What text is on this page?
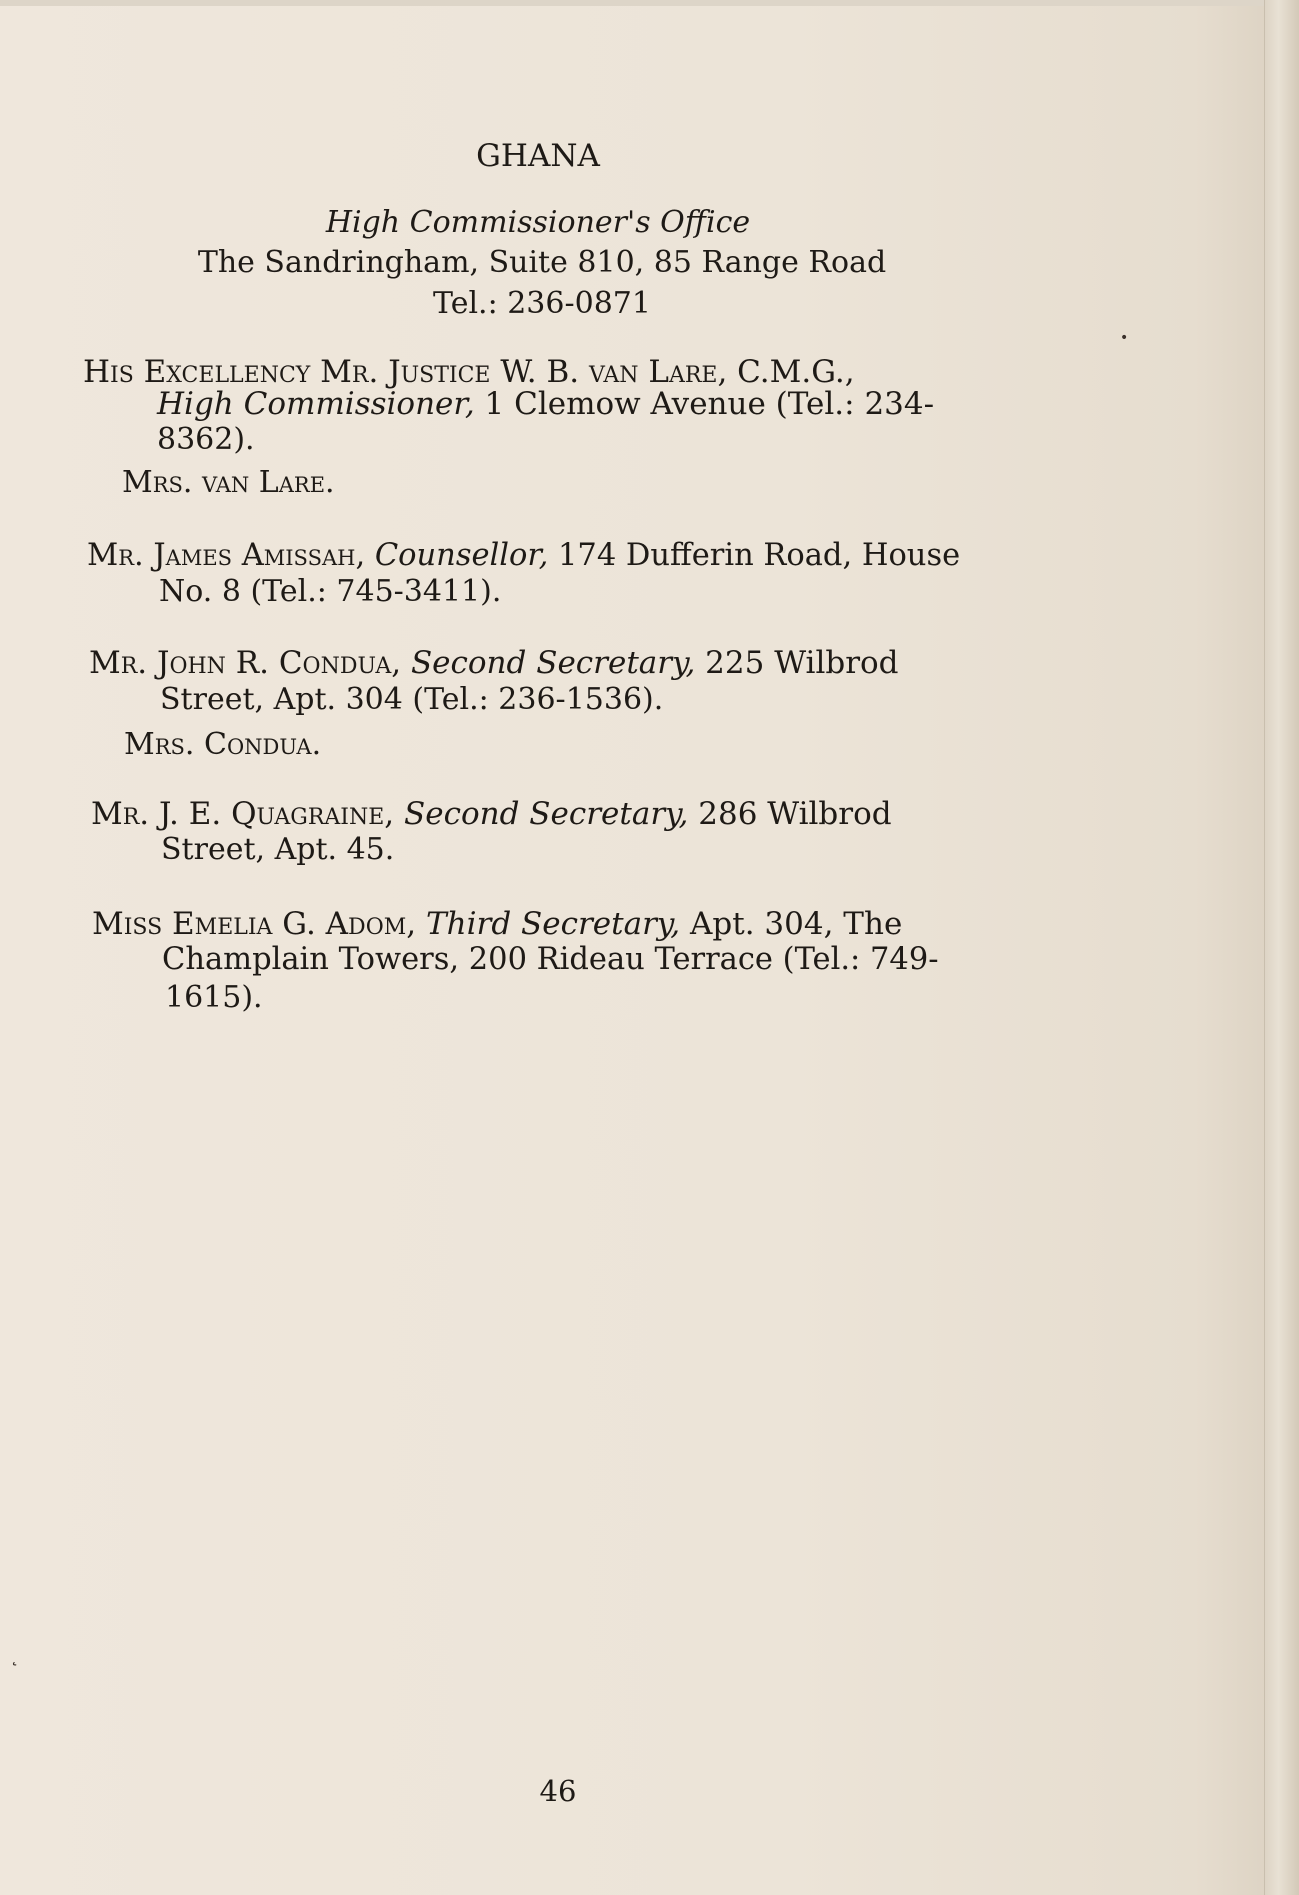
GHANA
High Commissioner's Office
The Sandringham, Suite 810, 85 Range Road
Tel.: 236-0871
His Excellency Mr. Justice W. B. van Lare, C.M.G.,
High Commissioner, 1 Clemow Avenue (Tel.: 234-
8362).
Mrs. van Lare.
Mr. James Amissah, Counsellor, 174 Dufferin Road, House
No. 8 (Tel.: 745-3411).
Mr. John R. Condua, Second Secretary, 225 Wilbrod
Street, Apt. 304 (Tel.: 236-1536).
Mrs. Condua.
Mr. J. E. Quagraine, Second Secretary, 286 Wilbrod
Street, Apt. 45.
Miss Emelia G. Adom, Third Secretary, Apt. 304, The
Champlain Towers, 200 Rideau Terrace (Tel.: 749-
1615).
46
•
˛
